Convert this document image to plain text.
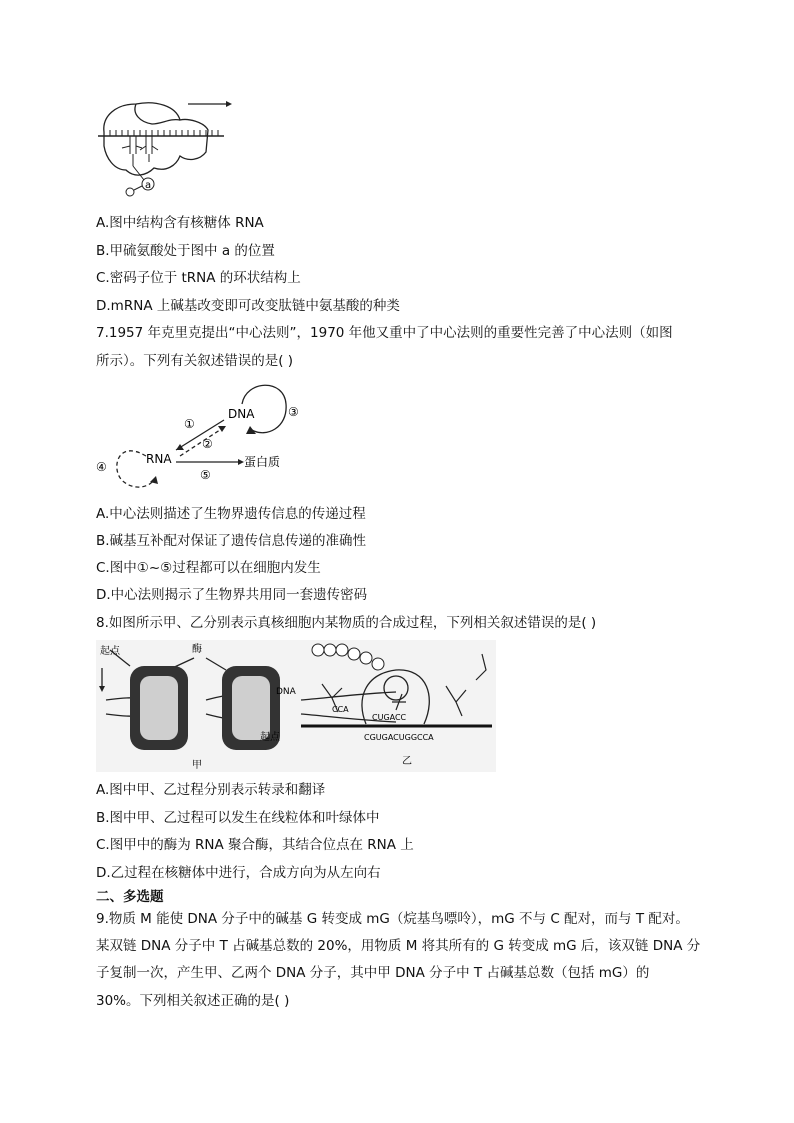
a
A.图中结构含有核糖体 RNA
B.甲硫氨酸处于图中 a 的位置
C.密码子位于 tRNA 的环状结构上
D.mRNA 上碱基改变即可改变肽链中氨基酸的种类
7.1957 年克里克提出“中心法则”，1970 年他又重中了中心法则的重要性完善了中心法则（如图
所示）。下列有关叙述错误的是( )
DNA
RNA	蛋白质
①
②
③
④
⑤
A.中心法则描述了生物界遗传信息的传递过程
B.碱基互补配对保证了遗传信息传递的准确性
C.图中①~⑤过程都可以在细胞内发生
D.中心法则揭示了生物界共用同一套遗传密码
8.如图所示甲、乙分别表示真核细胞内某物质的合成过程，下列相关叙述错误的是( )
起点	酶
DNA
起点
甲
CGUGACUGGCCA
CUGACC
CCA
乙
A.图中甲、乙过程分别表示转录和翻译
B.图中甲、乙过程可以发生在线粒体和叶绿体中
C.图甲中的酶为 RNA 聚合酶，其结合位点在 RNA 上
D.乙过程在核糖体中进行，合成方向为从左向右
二、多选题
9.物质 M 能使 DNA 分子中的碱基 G 转变成 mG（烷基鸟嘌呤），mG 不与 C 配对，而与 T 配对。
某双链 DNA 分子中 T 占碱基总数的 20%，用物质 M 将其所有的 G 转变成 mG 后，该双链 DNA 分
子复制一次，产生甲、乙两个 DNA 分子，其中甲 DNA 分子中 T 占碱基总数（包括 mG）的
30%。下列相关叙述正确的是( )
